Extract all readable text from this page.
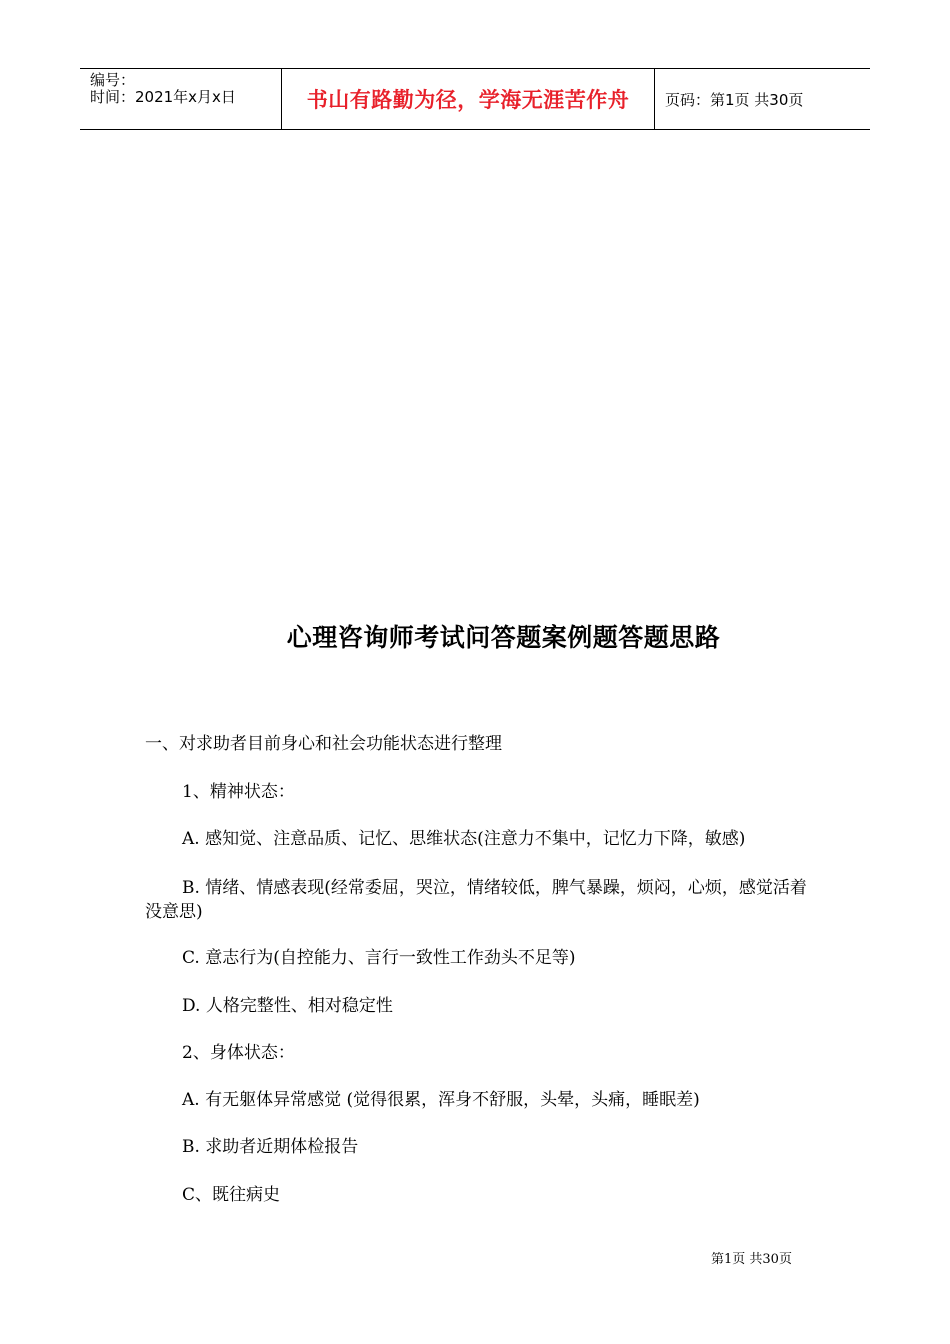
编号：
时间：2021年x月x日	书山有路勤为径，学海无涯苦作舟	页码：第1页 共30页
心理咨询师考试问答题案例题答题思路
一、对求助者目前身心和社会功能状态进行整理
1、精神状态：
A. 感知觉、注意品质、记忆、思维状态(注意力不集中，记忆力下降，敏感)
B. 情绪、情感表现(经常委屈，哭泣，情绪较低，脾气暴躁，烦闷，心烦，感觉活着没意思)
C. 意志行为(自控能力、言行一致性工作劲头不足等)
D. 人格完整性、相对稳定性
2、身体状态：
A. 有无躯体异常感觉 (觉得很累，浑身不舒服，头晕，头痛，睡眠差)
B. 求助者近期体检报告
C、既往病史
第1页 共30页
